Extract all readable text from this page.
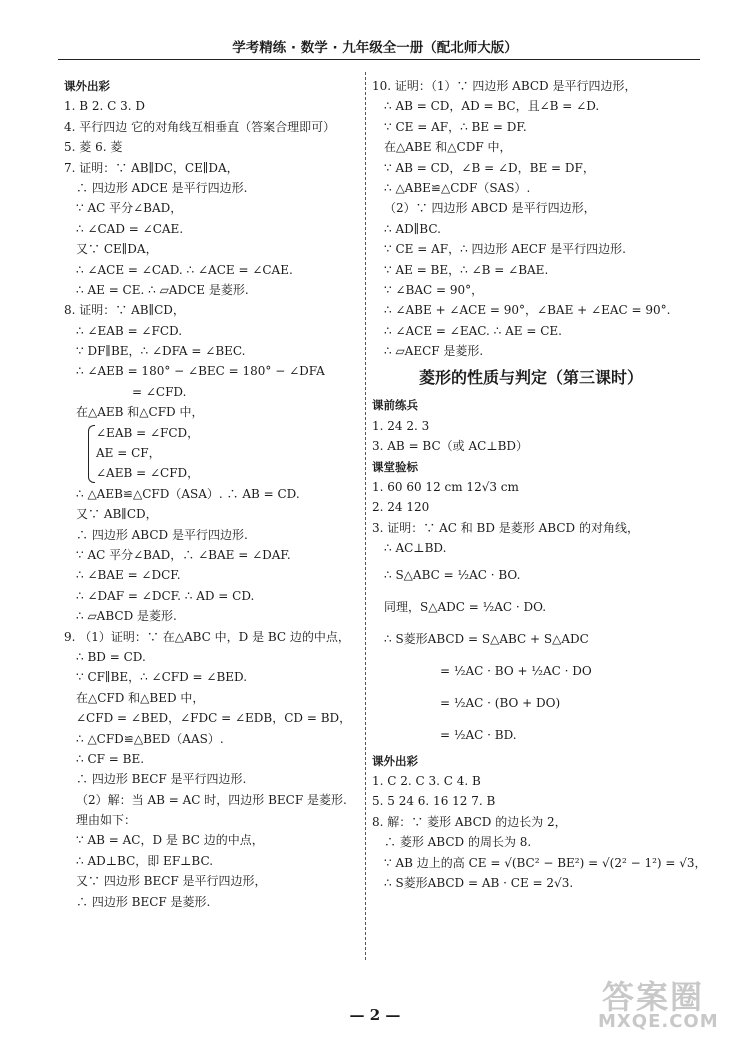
学考精练 · 数学 · 九年级全一册（配北师大版）
课外出彩
1. B 2. C 3. D
4. 平行四边 它的对角线互相垂直（答案合理即可）
5. 菱 6. 菱
7. 证明：∵ AB∥DC，CE∥DA，
∴ 四边形 ADCE 是平行四边形.
∵ AC 平分∠BAD，
∴ ∠CAD = ∠CAE.
又∵ CE∥DA，
∴ ∠ACE = ∠CAD. ∴ ∠ACE = ∠CAE.
∴ AE = CE. ∴ ▱ADCE 是菱形.
8. 证明：∵ AB∥CD，
∴ ∠EAB = ∠FCD.
∵ DF∥BE，∴ ∠DFA = ∠BEC.
∴ ∠AEB = 180° − ∠BEC = 180° − ∠DFA
= ∠CFD.
在△AEB 和△CFD 中，
∠EAB = ∠FCD，
AE = CF，
∠AEB = ∠CFD，
∴ △AEB≌△CFD（ASA）. ∴ AB = CD.
又∵ AB∥CD，
∴ 四边形 ABCD 是平行四边形.
∵ AC 平分∠BAD，∴ ∠BAE = ∠DAF.
∴ ∠BAE = ∠DCF.
∴ ∠DAF = ∠DCF. ∴ AD = CD.
∴ ▱ABCD 是菱形.
9. （1）证明：∵ 在△ABC 中，D 是 BC 边的中点，
∴ BD = CD.
∵ CF∥BE，∴ ∠CFD = ∠BED.
在△CFD 和△BED 中，
∠CFD = ∠BED，∠FDC = ∠EDB，CD = BD，
∴ △CFD≌△BED（AAS）.
∴ CF = BE.
∴ 四边形 BECF 是平行四边形.
（2）解：当 AB = AC 时，四边形 BECF 是菱形.
理由如下：
∵ AB = AC，D 是 BC 边的中点，
∴ AD⊥BC，即 EF⊥BC.
又∵ 四边形 BECF 是平行四边形，
∴ 四边形 BECF 是菱形.
10. 证明：（1）∵ 四边形 ABCD 是平行四边形，
∴ AB = CD，AD = BC，且∠B = ∠D.
∵ CE = AF，∴ BE = DF.
在△ABE 和△CDF 中，
∵ AB = CD，∠B = ∠D，BE = DF，
∴ △ABE≌△CDF（SAS）.
（2）∵ 四边形 ABCD 是平行四边形，
∴ AD∥BC.
∵ CE = AF，∴ 四边形 AECF 是平行四边形.
∵ AE = BE，∴ ∠B = ∠BAE.
∵ ∠BAC = 90°，
∴ ∠ABE + ∠ACE = 90°，∠BAE + ∠EAC = 90°.
∴ ∠ACE = ∠EAC. ∴ AE = CE.
∴ ▱AECF 是菱形.
菱形的性质与判定（第三课时）
课前练兵
1. 24 2. 3
3. AB = BC（或 AC⊥BD）
课堂验标
1. 60 60 12 cm 12√3 cm
2. 24 120
3. 证明：∵ AC 和 BD 是菱形 ABCD 的对角线，
∴ AC⊥BD.
∴ S△ABC = ½AC · BO.
同理，S△ADC = ½AC · DO.
∴ S菱形ABCD = S△ABC + S△ADC
= ½AC · BO + ½AC · DO
= ½AC · (BO + DO)
= ½AC · BD.
课外出彩
1. C 2. C 3. C 4. B
5. 5 24 6. 16 12 7. B
8. 解：∵ 菱形 ABCD 的边长为 2，
∴ 菱形 ABCD 的周长为 8.
∵ AB 边上的高 CE = √(BC² − BE²) = √(2² − 1²) = √3，
∴ S菱形ABCD = AB · CE = 2√3.
— 2 —	答案圈
MXQE.COM
